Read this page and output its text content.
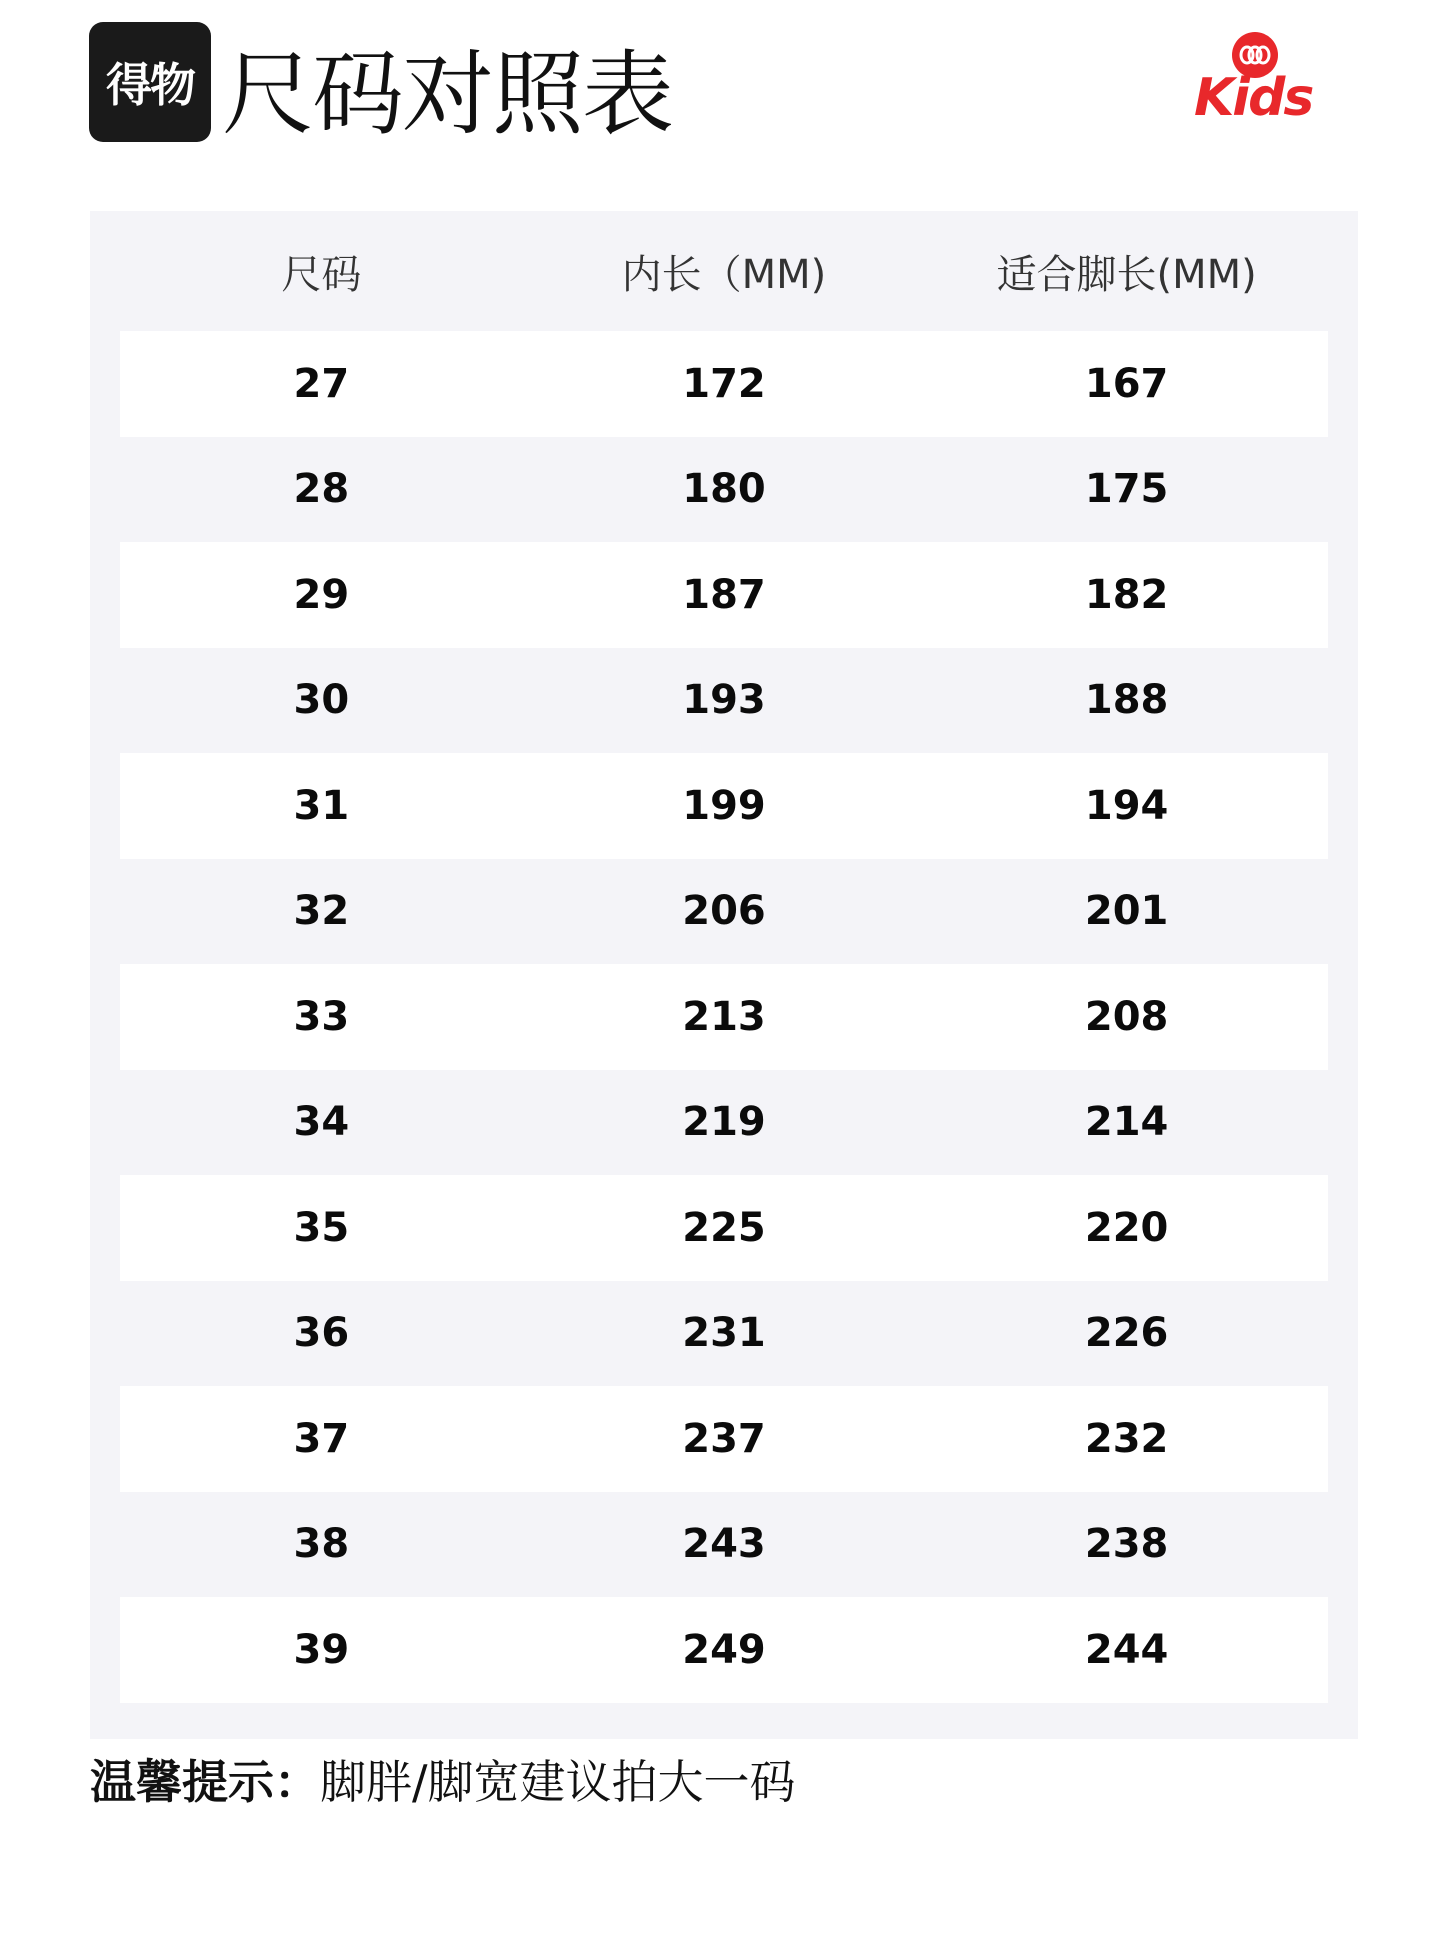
得物 尺码对照表	Kids
尺码	内长（MM)	适合脚长(MM)
27	172	167
28	180	175
29	187	182
30	193	188
31	199	194
32	206	201
33	213	208
34	219	214
35	225	220
36	231	226
37	237	232
38	243	238
39	249	244
温馨提示：脚胖/脚宽建议拍大一码
